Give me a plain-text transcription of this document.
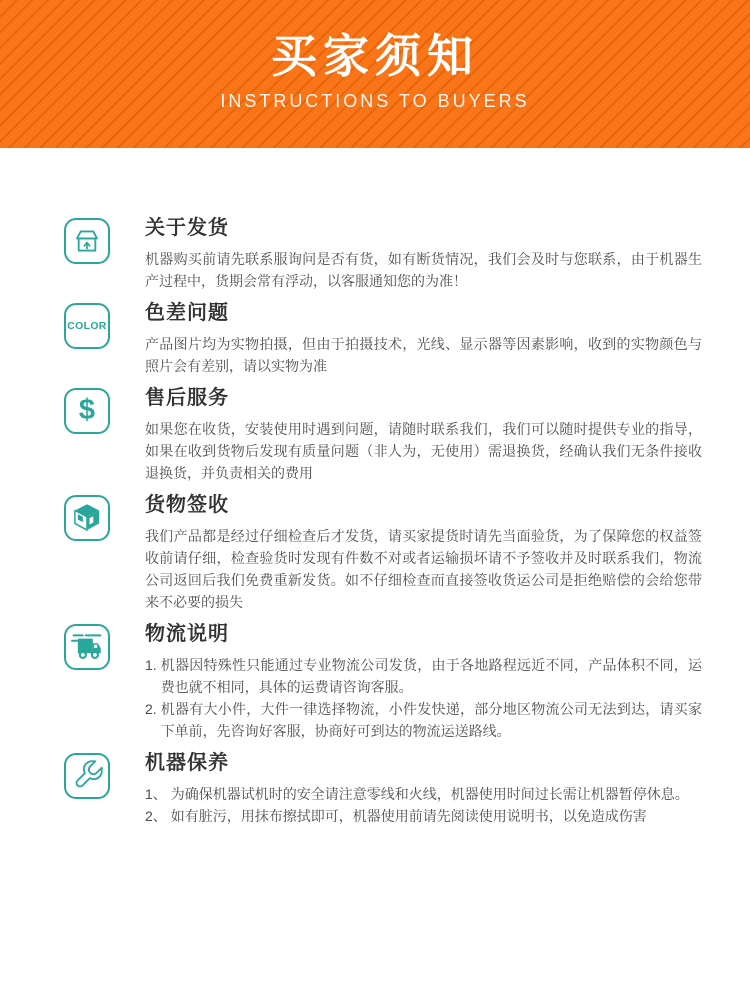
买家须知
INSTRUCTIONS TO BUYERS
关于发货

机器购买前请先联系服询问是否有货，如有断货情况，我们会及时与您联系，由于机器生产过程中，货期会常有浮动，以客服通知您的为准！

COLOR
色差问题

产品图片均为实物拍摄，但由于拍摄技术，光线、显示器等因素影响，收到的实物颜色与照片会有差别，请以实物为准

$ 售后服务

如果您在收货，安装使用时遇到问题，请随时联系我们，我们可以随时提供专业的指导，如果在收到货物后发现有质量问题（非人为，无使用）需退换货，经确认我们无条件接收退换货，并负责相关的费用

货物签收

我们产品都是经过仔细检查后才发货，请买家提货时请先当面验货，为了保障您的权益签收前请仔细，检查验货时发现有件数不对或者运输损坏请不予签收并及时联系我们，物流公司返回后我们免费重新发货。如不仔细检查而直接签收货运公司是拒绝赔偿的会给您带来不必要的损失

物流说明
1. 机器因特殊性只能通过专业物流公司发货，由于各地路程远近不同，产品体积不同，运费也就不相同，具体的运费请咨询客服。
2. 机器有大小件，大件一律选择物流，小件发快递，部分地区物流公司无法到达，请买家下单前，先咨询好客服，协商好可到达的物流运送路线。
机器保养
1、 为确保机器试机时的安全请注意零线和火线，机器使用时间过长需让机器暂停休息。
2、 如有脏污，用抹布擦拭即可，机器使用前请先阅读使用说明书，以免造成伤害
